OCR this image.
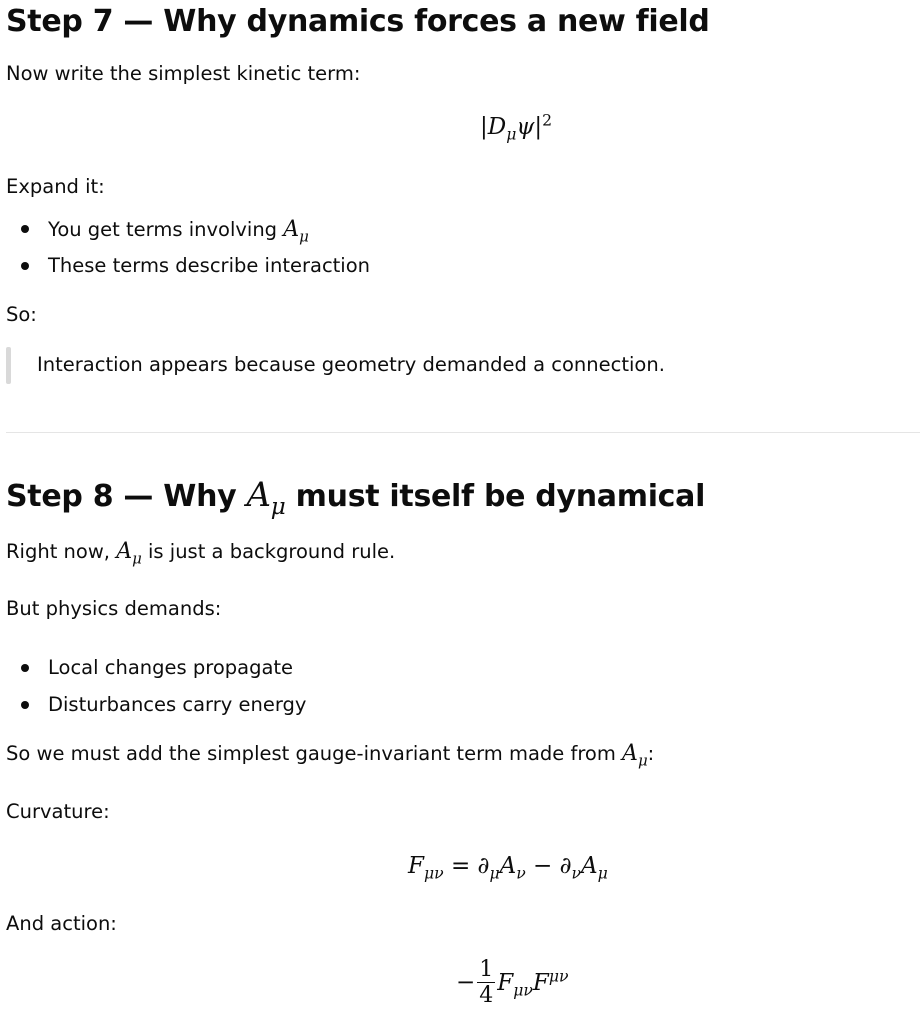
Step 7 — Why dynamics forces a new field
Now write the simplest kinetic term:
$|D_\mu\psi|^2$
Expand it:
You get terms involving $A_\mu$
These terms describe interaction
So:
Interaction appears because geometry demanded a connection.
Step 8 — Why $A_\mu$ must itself be dynamical
Right now, $A_\mu$ is just a background rule.
But physics demands:
Local changes propagate
Disturbances carry energy
So we must add the simplest gauge-invariant term made from $A_\mu$:
Curvature:
$F_{\mu\nu} = \partial_\mu A_\nu - \partial_\nu A_\mu$
And action:
− $\frac{1}{4} F_{\mu\nu}F^{\mu\nu}$
